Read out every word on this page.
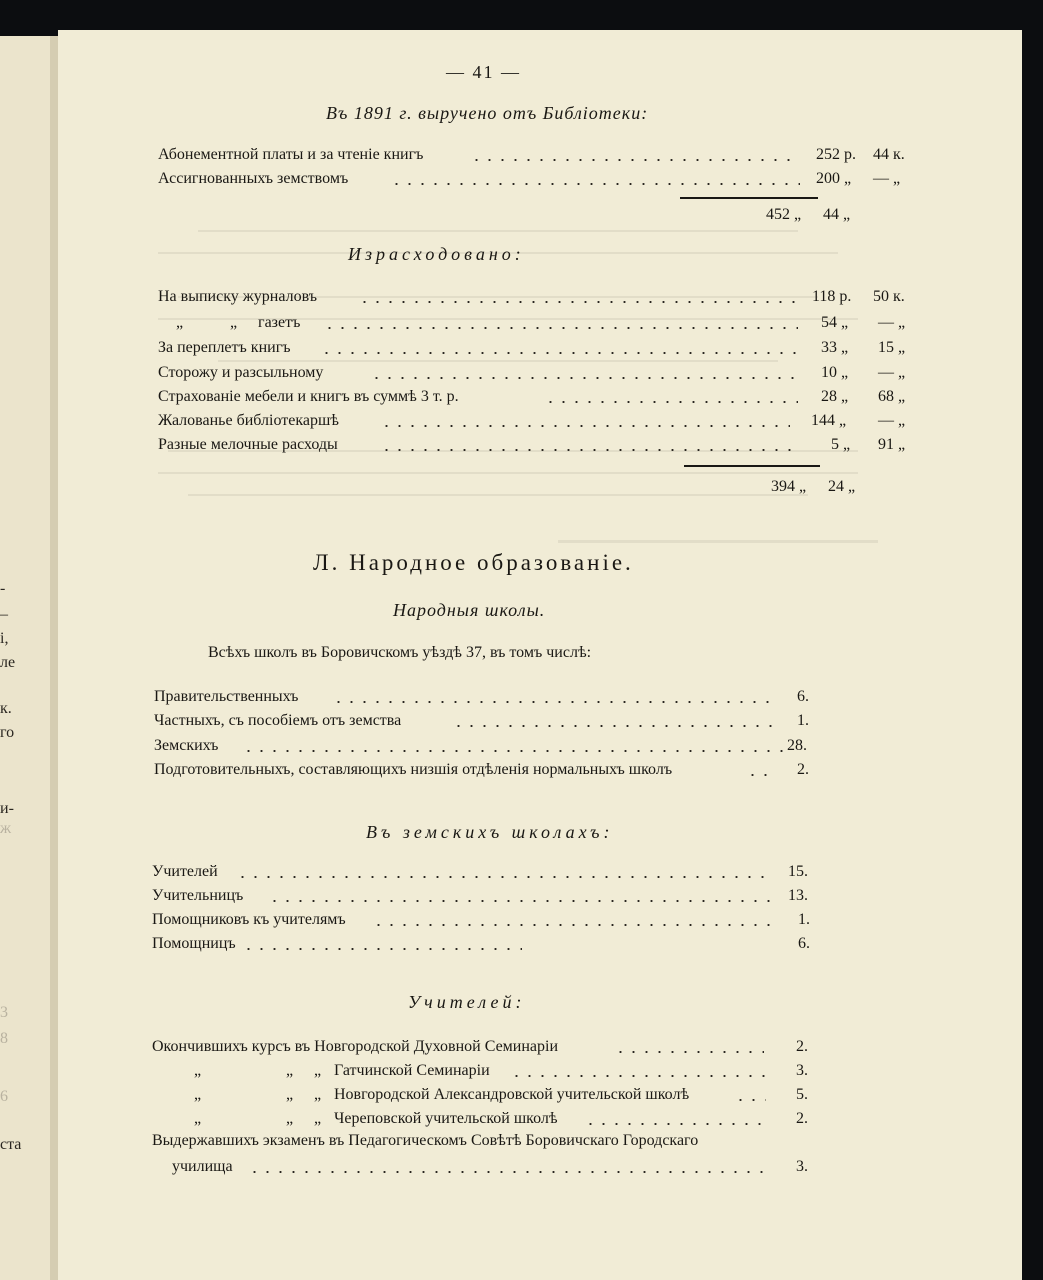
-
–
і,
ле
к.
го
и-
ж
3
8
6
ста
— 41 —
Въ 1891 г. выручено отъ Библіотеки:
Абонементной платы и за чтеніе книгъ	252 р. 44 к.
Ассигнованныхъ земствомъ	200 „ — „
452 „ 44 „
Израсходовано:
На выписку журналовъ	118 р. 50 к.
„	„ газетъ	54 „ — „
За переплетъ книгъ	33 „ 15 „
Сторожу и разсыльному	10 „ — „
Страхованіе мебели и книгъ въ суммѣ 3 т. р.	28 „ 68 „
Жалованье библіотекаршѣ	144 „ — „
Разные мелочные расходы	5 „ 91 „
394 „ 24 „
Л. Народное образованіе.
Народныя школы.
Всѣхъ школъ въ Боровичскомъ уѣздѣ 37, въ томъ числѣ:
Правительственныхъ	6.
Частныхъ, съ пособіемъ отъ земства	1.
Земскихъ	28.
Подготовительныхъ, составляющихъ низшія отдѣленія нормальныхъ школъ	2.
Въ земскихъ школахъ:
Учителей	15.
Учительницъ	13.
Помощниковъ къ учителямъ	1.
Помощницъ	6.
Учителей:
Окончившихъ курсъ въ Новгородской Духовной Семинаріи	2.
„	„ „ Гатчинской Семинаріи	3.
„	„ „ Новгородской Александровской учительской школѣ	5.
„	„ „ Череповской учительской школѣ	2.
Выдержавшихъ экзаменъ въ Педагогическомъ Совѣтѣ Боровичскаго Городскаго
училища	3.
